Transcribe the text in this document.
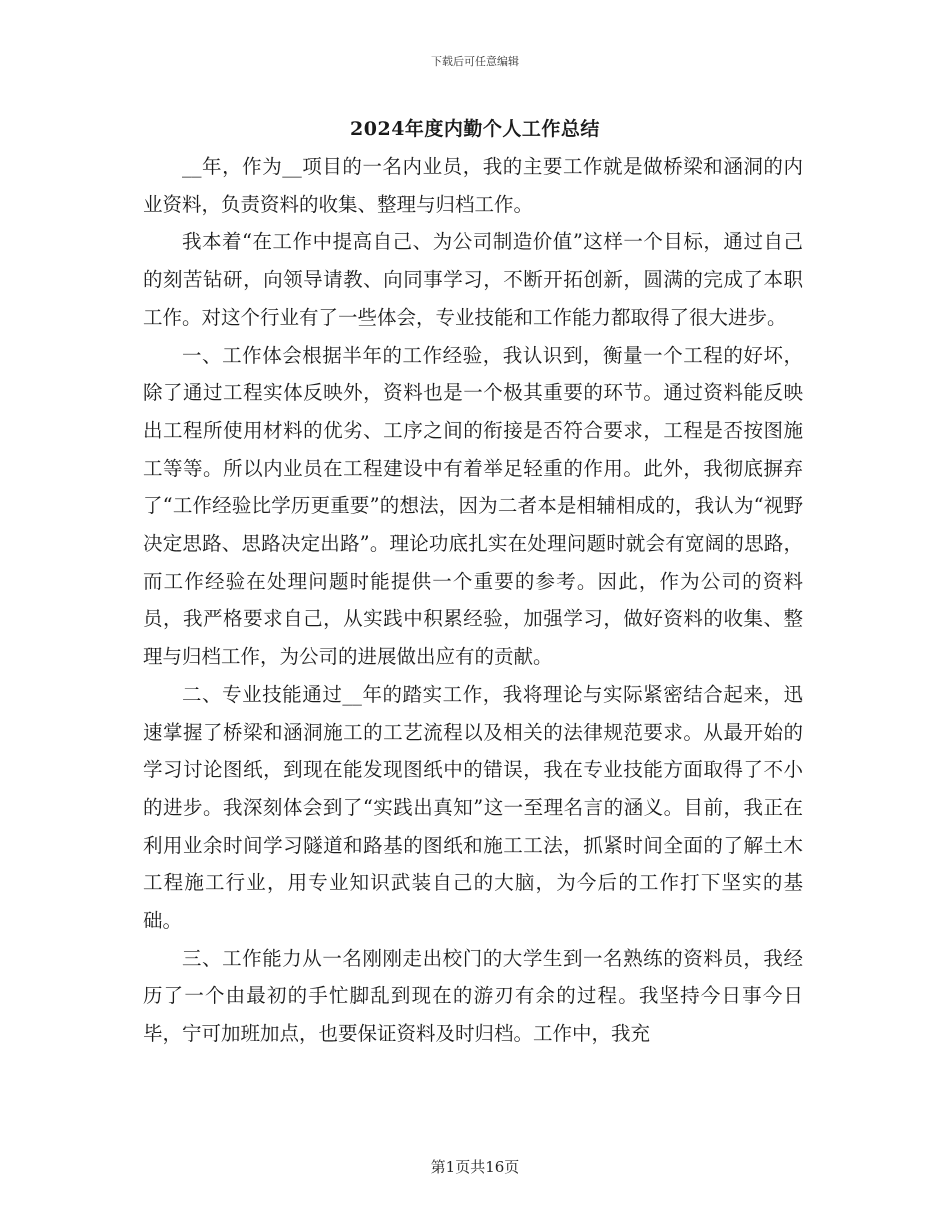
下载后可任意编辑
2024年度内勤个人工作总结

__年，作为__项目的一名内业员，我的主要工作就是做桥梁和涵洞的内业资料，负责资料的收集、整理与归档工作。

我本着“在工作中提高自己、为公司制造价值”这样一个目标，通过自己的刻苦钻研，向领导请教、向同事学习，不断开拓创新，圆满的完成了本职工作。对这个行业有了一些体会，专业技能和工作能力都取得了很大进步。

一、工作体会根据半年的工作经验，我认识到，衡量一个工程的好坏，除了通过工程实体反映外，资料也是一个极其重要的环节。通过资料能反映出工程所使用材料的优劣、工序之间的衔接是否符合要求，工程是否按图施工等等。所以内业员在工程建设中有着举足轻重的作用。此外，我彻底摒弃了“工作经验比学历更重要”的想法，因为二者本是相辅相成的，我认为“视野决定思路、思路决定出路”。理论功底扎实在处理问题时就会有宽阔的思路，而工作经验在处理问题时能提供一个重要的参考。因此，作为公司的资料员，我严格要求自己，从实践中积累经验，加强学习，做好资料的收集、整理与归档工作，为公司的进展做出应有的贡献。

二、专业技能通过__年的踏实工作，我将理论与实际紧密结合起来，迅速掌握了桥梁和涵洞施工的工艺流程以及相关的法律规范要求。从最开始的学习讨论图纸，到现在能发现图纸中的错误，我在专业技能方面取得了不小的进步。我深刻体会到了“实践出真知”这一至理名言的涵义。目前，我正在利用业余时间学习隧道和路基的图纸和施工工法，抓紧时间全面的了解土木工程施工行业，用专业知识武装自己的大脑，为今后的工作打下坚实的基础。

三、工作能力从一名刚刚走出校门的大学生到一名熟练的资料员，我经历了一个由最初的手忙脚乱到现在的游刃有余的过程。我坚持今日事今日毕，宁可加班加点，也要保证资料及时归档。工作中，我充

第1页共16页
